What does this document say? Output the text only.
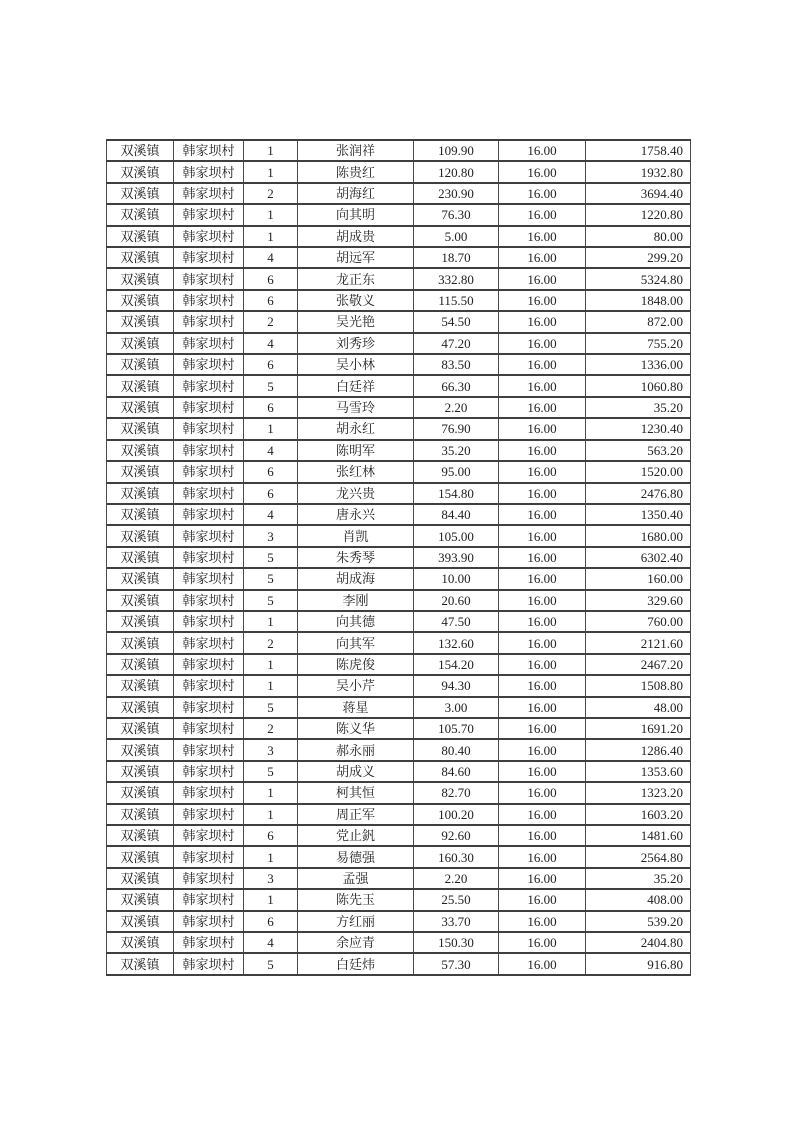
双溪镇	韩家坝村	1	张润祥	109.90	16.00	1758.40
双溪镇	韩家坝村	1	陈贵红	120.80	16.00	1932.80
双溪镇	韩家坝村	2	胡海红	230.90	16.00	3694.40
双溪镇	韩家坝村	1	向其明	76.30	16.00	1220.80
双溪镇	韩家坝村	1	胡成贵	5.00	16.00	80.00
双溪镇	韩家坝村	4	胡远军	18.70	16.00	299.20
双溪镇	韩家坝村	6	龙正东	332.80	16.00	5324.80
双溪镇	韩家坝村	6	张敬义	115.50	16.00	1848.00
双溪镇	韩家坝村	2	吴光艳	54.50	16.00	872.00
双溪镇	韩家坝村	4	刘秀珍	47.20	16.00	755.20
双溪镇	韩家坝村	6	吴小林	83.50	16.00	1336.00
双溪镇	韩家坝村	5	白廷祥	66.30	16.00	1060.80
双溪镇	韩家坝村	6	马雪玲	2.20	16.00	35.20
双溪镇	韩家坝村	1	胡永红	76.90	16.00	1230.40
双溪镇	韩家坝村	4	陈明军	35.20	16.00	563.20
双溪镇	韩家坝村	6	张红林	95.00	16.00	1520.00
双溪镇	韩家坝村	6	龙兴贵	154.80	16.00	2476.80
双溪镇	韩家坝村	4	唐永兴	84.40	16.00	1350.40
双溪镇	韩家坝村	3	肖凯	105.00	16.00	1680.00
双溪镇	韩家坝村	5	朱秀琴	393.90	16.00	6302.40
双溪镇	韩家坝村	5	胡成海	10.00	16.00	160.00
双溪镇	韩家坝村	5	李刚	20.60	16.00	329.60
双溪镇	韩家坝村	1	向其德	47.50	16.00	760.00
双溪镇	韩家坝村	2	向其军	132.60	16.00	2121.60
双溪镇	韩家坝村	1	陈虎俊	154.20	16.00	2467.20
双溪镇	韩家坝村	1	吴小芹	94.30	16.00	1508.80
双溪镇	韩家坝村	5	蒋星	3.00	16.00	48.00
双溪镇	韩家坝村	2	陈义华	105.70	16.00	1691.20
双溪镇	韩家坝村	3	郝永丽	80.40	16.00	1286.40
双溪镇	韩家坝村	5	胡成义	84.60	16.00	1353.60
双溪镇	韩家坝村	1	柯其恒	82.70	16.00	1323.20
双溪镇	韩家坝村	1	周正军	100.20	16.00	1603.20
双溪镇	韩家坝村	6	党止釩	92.60	16.00	1481.60
双溪镇	韩家坝村	1	易德强	160.30	16.00	2564.80
双溪镇	韩家坝村	3	孟强	2.20	16.00	35.20
双溪镇	韩家坝村	1	陈先玉	25.50	16.00	408.00
双溪镇	韩家坝村	6	方红丽	33.70	16.00	539.20
双溪镇	韩家坝村	4	余应青	150.30	16.00	2404.80
双溪镇	韩家坝村	5	白廷炜	57.30	16.00	916.80
